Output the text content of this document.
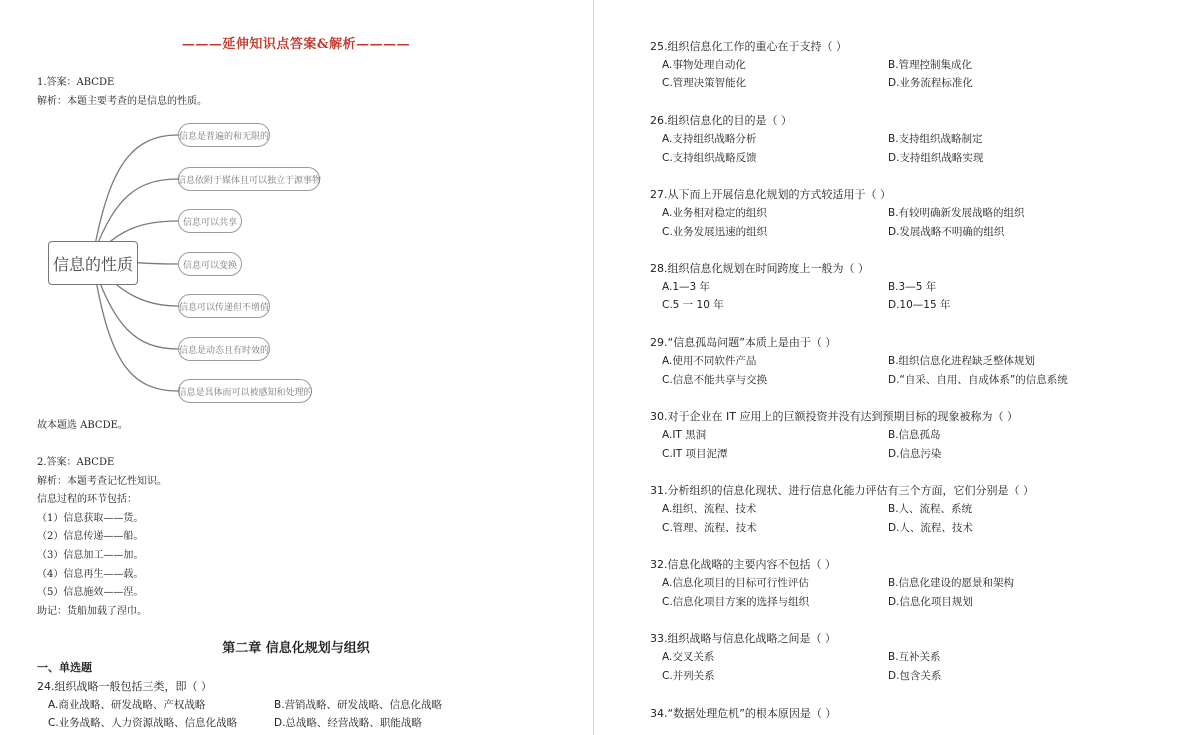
———延伸知识点答案&解析————
1.答案：ABCDE
解析：本题主要考查的是信息的性质。
信息的性质
信息是普遍的和无限的
信息依附于媒体且可以独立于源事物
信息可以共享
信息可以变换
信息可以传递但不增值
信息是动态且有时效的
信息是具体而可以被感知和处理的
故本题选 ABCDE。
2.答案：ABCDE
解析：本题考查记忆性知识。
信息过程的环节包括：
（1）信息获取——货。
（2）信息传递——船。
（3）信息加工——加。
（4）信息再生——载。
（5）信息施效——涅。
助记：货船加载了涅巾。
第二章 信息化规划与组织
一、单选题
24.组织战略一般包括三类，即（ ）
A.商业战略、研发战略、产权战略	B.营销战略、研发战略、信息化战略
C.业务战略、人力资源战略、信息化战略	D.总战略、经营战略、职能战略
25.组织信息化工作的重心在于支持（ ）
A.事物处理自动化	B.管理控制集成化
C.管理决策智能化	D.业务流程标准化
26.组织信息化的目的是（ ）
A.支持组织战略分析	B.支持组织战略制定
C.支持组织战略反馈	D.支持组织战略实现
27.从下而上开展信息化规划的方式较适用于（ ）
A.业务相对稳定的组织	B.有较明确新发展战略的组织
C.业务发展迅速的组织	D.发展战略不明确的组织
28.组织信息化规划在时间跨度上一般为（ ）
A.1—3 年	B.3—5 年
C.5 一 10 年	D.10—15 年
29.“信息孤岛问题”本质上是由于（ ）
A.使用不同软件产品	B.组织信息化进程缺乏整体规划
C.信息不能共享与交换	D.“自采、自用、自成体系”的信息系统
30.对于企业在 IT 应用上的巨额投资并没有达到预期目标的现象被称为（ ）
A.IT 黑洞	B.信息孤岛
C.IT 项目泥潭	D.信息污染
31.分析组织的信息化现状、进行信息化能力评估有三个方面，它们分别是（ ）
A.组织、流程、技术	B.人、流程、系统
C.管理、流程、技术	D.人、流程、技术
32.信息化战略的主要内容不包括（ ）
A.信息化项目的目标可行性评估	B.信息化建设的愿景和架构
C.信息化项目方案的选择与组织	D.信息化项目规划
33.组织战略与信息化战略之间是（ ）
A.交叉关系	B.互补关系
C.并列关系	D.包含关系
34.“数据处理危机”的根本原因是（ ）
